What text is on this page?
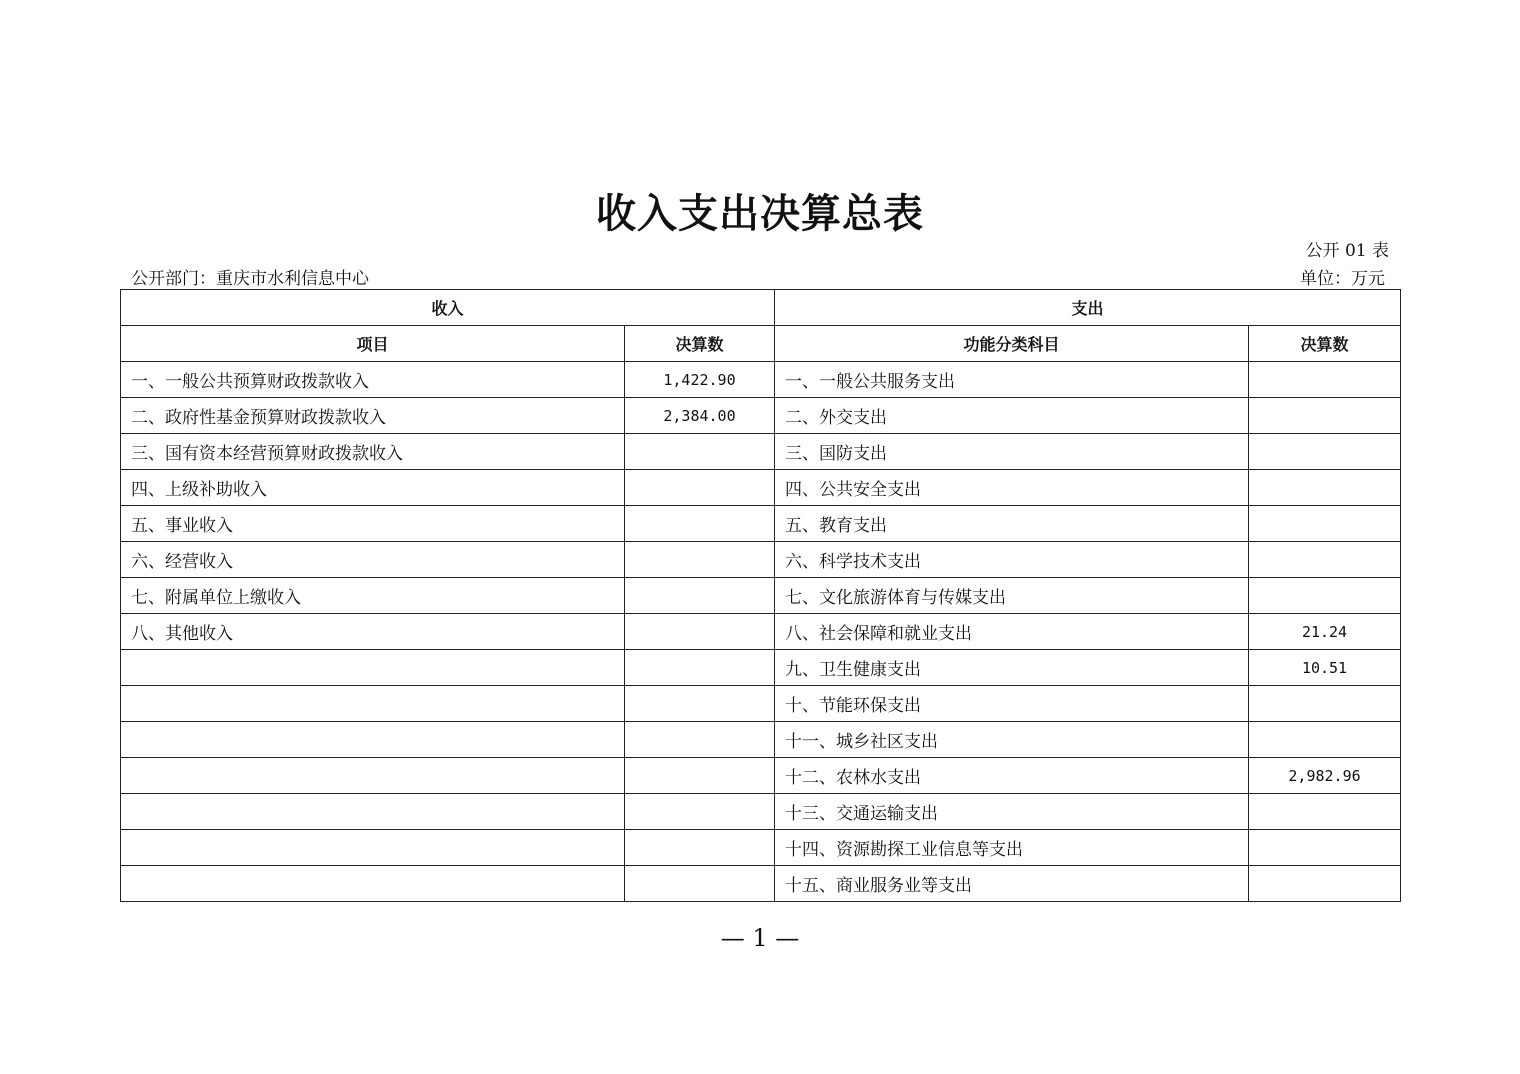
收入支出决算总表
公开 01 表
公开部门：重庆市水利信息中心	单位：万元
收入		支出	
项目	决算数	功能分类科目	决算数
一、一般公共预算财政拨款收入	1,422.90	一、一般公共服务支出	
二、政府性基金预算财政拨款收入	2,384.00	二、外交支出	
三、国有资本经营预算财政拨款收入		三、国防支出	
四、上级补助收入		四、公共安全支出	
五、事业收入		五、教育支出	
六、经营收入		六、科学技术支出	
七、附属单位上缴收入		七、文化旅游体育与传媒支出	
八、其他收入		八、社会保障和就业支出	21.24
		九、卫生健康支出	10.51
		十、节能环保支出	
		十一、城乡社区支出	
		十二、农林水支出	2,982.96
		十三、交通运输支出	
		十四、资源勘探工业信息等支出	
		十五、商业服务业等支出	
— 1 —
